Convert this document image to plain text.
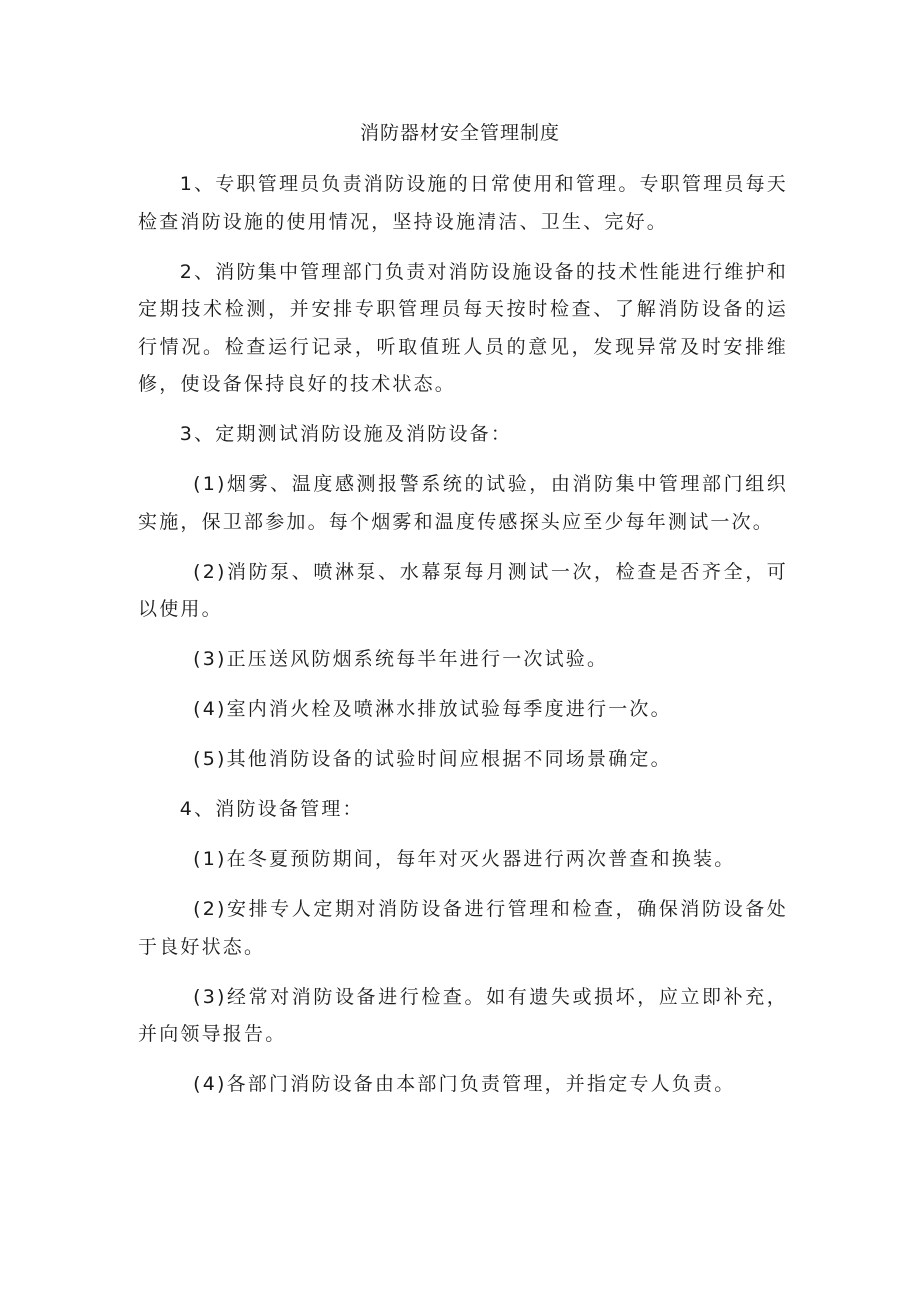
消防器材安全管理制度

1、专职管理员负责消防设施的日常使用和管理。专职管理员每天检查消防设施的使用情况，坚持设施清洁、卫生、完好。

2、消防集中管理部门负责对消防设施设备的技术性能进行维护和定期技术检测，并安排专职管理员每天按时检查、了解消防设备的运行情况。检查运行记录，听取值班人员的意见，发现异常及时安排维修，使设备保持良好的技术状态。

3、定期测试消防设施及消防设备：

(1)烟雾、温度感测报警系统的试验，由消防集中管理部门组织实施，保卫部参加。每个烟雾和温度传感探头应至少每年测试一次。

(2)消防泵、喷淋泵、水幕泵每月测试一次，检查是否齐全，可以使用。

(3)正压送风防烟系统每半年进行一次试验。

(4)室内消火栓及喷淋水排放试验每季度进行一次。

(5)其他消防设备的试验时间应根据不同场景确定。

4、消防设备管理：

(1)在冬夏预防期间，每年对灭火器进行两次普查和换装。

(2)安排专人定期对消防设备进行管理和检查，确保消防设备处于良好状态。

(3)经常对消防设备进行检查。如有遗失或损坏，应立即补充，并向领导报告。

(4)各部门消防设备由本部门负责管理，并指定专人负责。
